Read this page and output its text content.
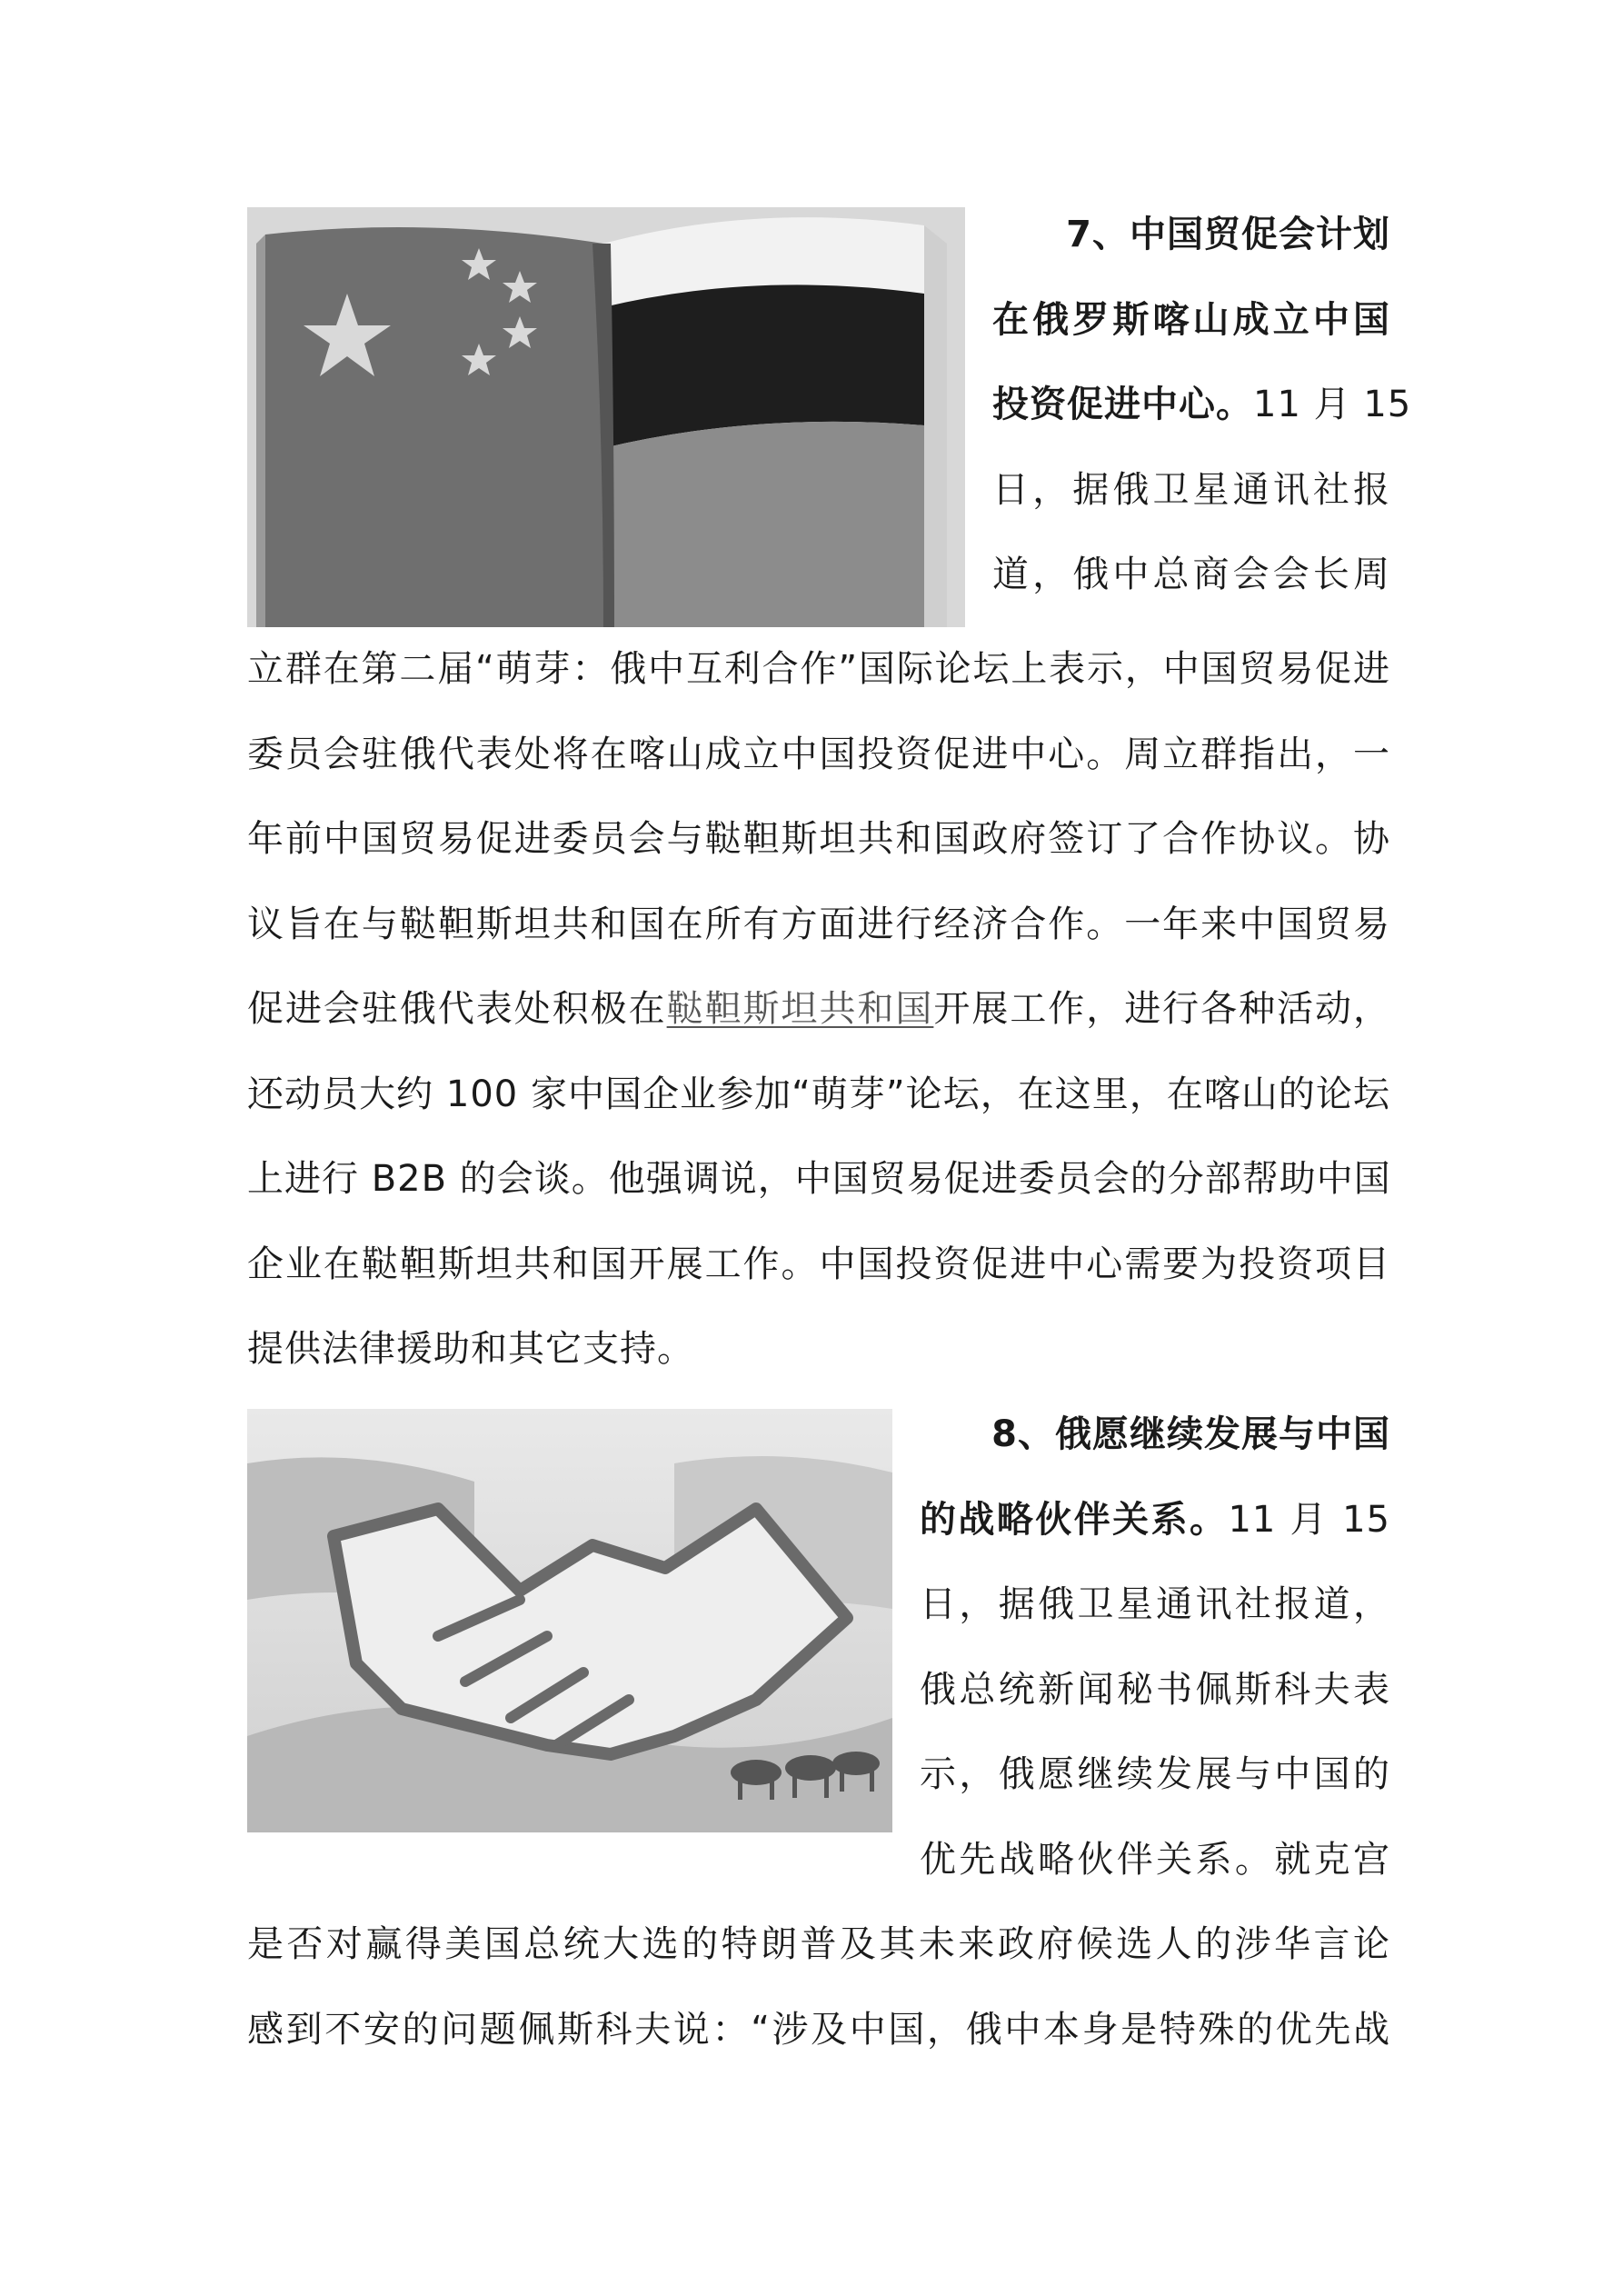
7、中国贸促会计划
在俄罗斯喀山成立中国
投资促进中心。11 月 15
日，据俄卫星通讯社报
道，俄中总商会会长周
立群在第二届“萌芽：俄中互利合作”国际论坛上表示，中国贸易促进
委员会驻俄代表处将在喀山成立中国投资促进中心。周立群指出，一
年前中国贸易促进委员会与鞑靼斯坦共和国政府签订了合作协议。协
议旨在与鞑靼斯坦共和国在所有方面进行经济合作。一年来中国贸易
促进会驻俄代表处积极在鞑靼斯坦共和国开展工作，进行各种活动，
还动员大约 100 家中国企业参加“萌芽”论坛，在这里，在喀山的论坛
上进行 B2B 的会谈。他强调说，中国贸易促进委员会的分部帮助中国
企业在鞑靼斯坦共和国开展工作。中国投资促进中心需要为投资项目
提供法律援助和其它支持。
8、俄愿继续发展与中国
的战略伙伴关系。11 月 15
日，据俄卫星通讯社报道，
俄总统新闻秘书佩斯科夫表
示，俄愿继续发展与中国的
优先战略伙伴关系。就克宫
是否对赢得美国总统大选的特朗普及其未来政府候选人的涉华言论
感到不安的问题佩斯科夫说：“涉及中国，俄中本身是特殊的优先战
